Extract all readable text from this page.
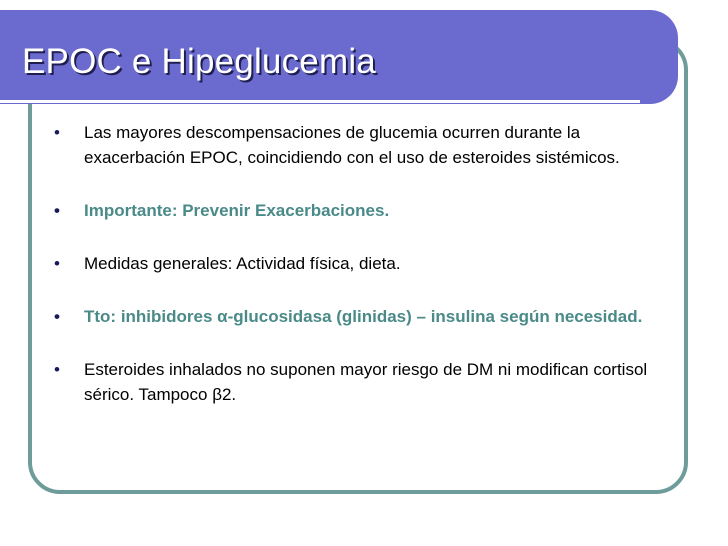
EPOC e Hipeglucemia
• Las mayores descompensaciones de glucemia ocurren durante la exacerbación EPOC, coincidiendo con el uso de esteroides sistémicos.
• Importante: Prevenir Exacerbaciones.
• Medidas generales: Actividad física, dieta.
• Tto: inhibidores α-glucosidasa (glinidas) – insulina según necesidad.
• Esteroides inhalados no suponen mayor riesgo de DM ni modifican cortisol sérico. Tampoco β2.
